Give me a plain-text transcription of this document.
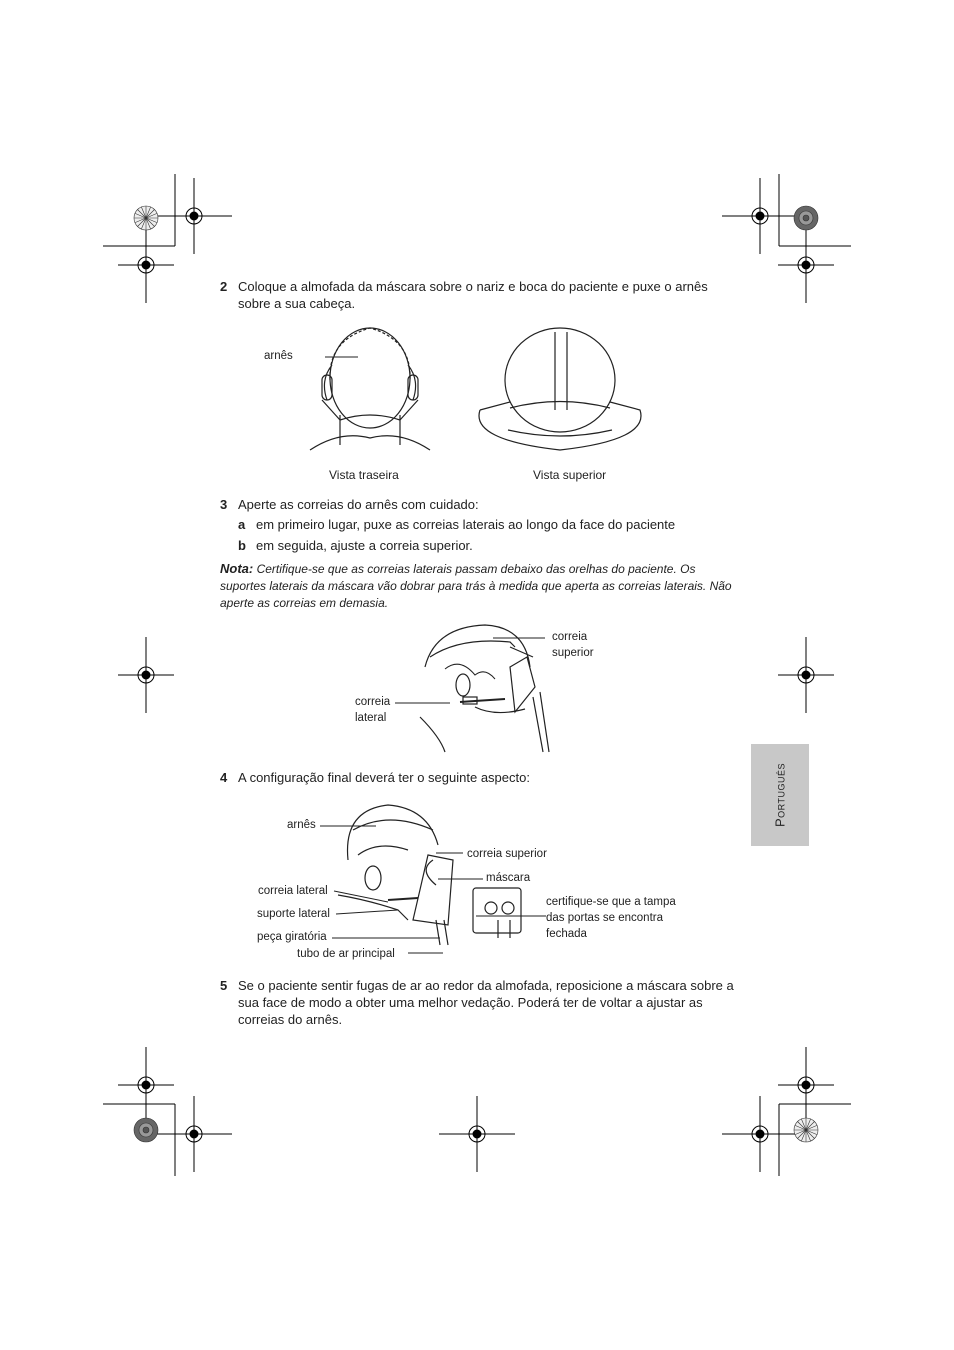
2 Coloque a almofada da máscara sobre o nariz e boca do paciente e puxe o arnês sobre a sua cabeça.
arnês
Vista traseira	Vista superior
3 Aperte as correias do arnês com cuidado:
a em primeiro lugar, puxe as correias laterais ao longo da face do paciente
b em seguida, ajuste a correia superior.
Nota: Certifique-se que as correias laterais passam debaixo das orelhas do paciente. Os suportes laterais da máscara vão dobrar para trás à medida que aperta as correias laterais. Não aperte as correias em demasia.
correia
superior
correia
lateral
4 A configuração final deverá ter o seguinte aspecto:
arnês
correia superior
máscara
correia lateral
certifique-se que a tampa
das portas se encontra
fechada
suporte lateral
peça giratória
tubo de ar principal
5 Se o paciente sentir fugas de ar ao redor da almofada, reposicione a máscara sobre a sua face de modo a obter uma melhor vedação. Poderá ter de voltar a ajustar as correias do arnês.
Português
